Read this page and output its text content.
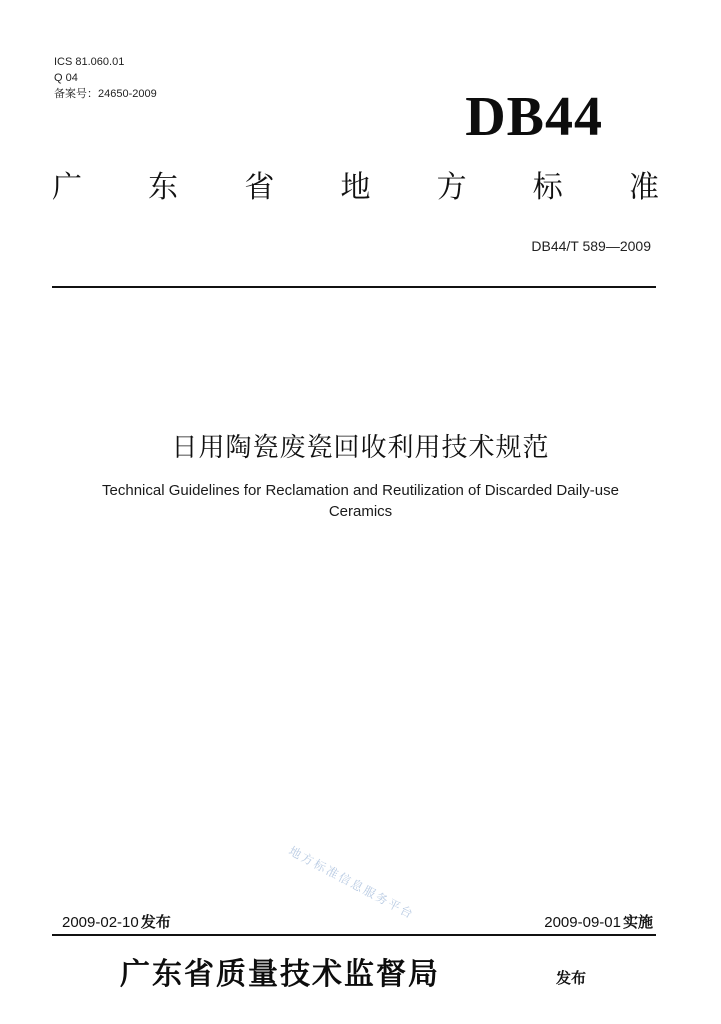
ICS 81.060.01
Q 04
备案号：24650-2009	DB44
广 东 省 地 方 标 准
DB44/T 589—2009
日用陶瓷废瓷回收利用技术规范
Technical Guidelines for Reclamation and Reutilization of Discarded Daily-use
Ceramics
地方标准信息服务平台
2009-02-10 发布	2009-09-01 实施
广东省质量技术监督局	发布
